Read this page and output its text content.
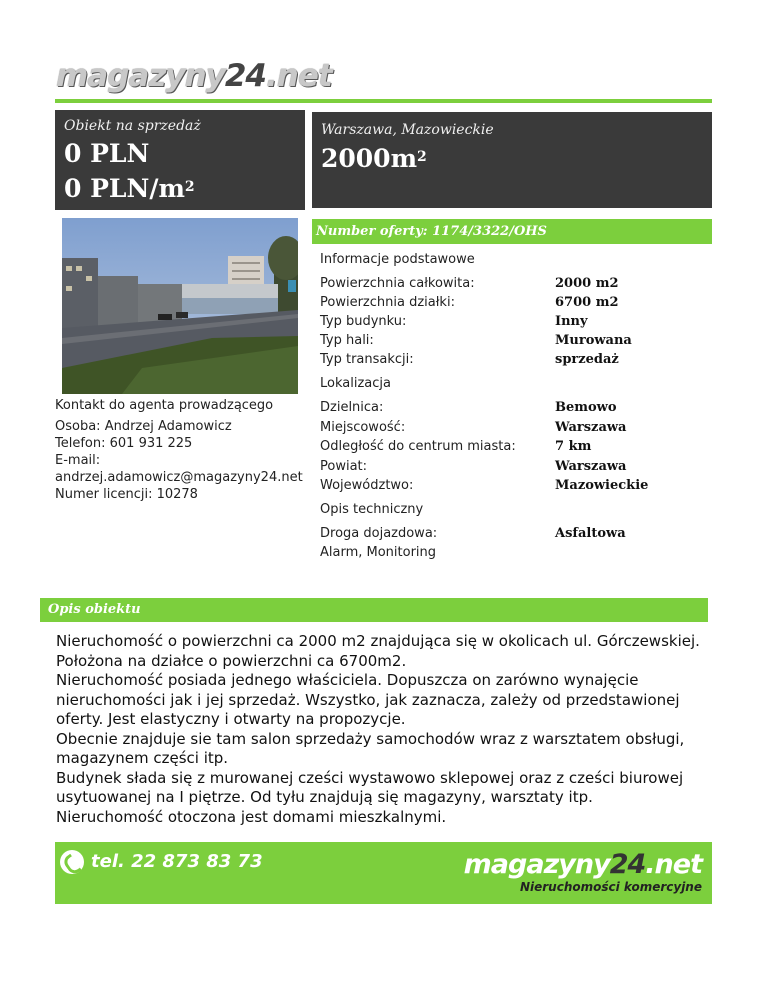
magazyny24.net
Obiekt na sprzedaż
0 PLN
0 PLN/$m^2$
Warszawa, Mazowieckie
$2000m^2$
Number oferty: 1174/3322/OHS
Kontakt do agenta prowadzącego
Osoba: Andrzej Adamowicz
Telefon: 601 931 225
E-mail:
andrzej.adamowicz@magazyny24.net
Numer licencji: 10278
Informacje podstawowe
Powierzchnia całkowita:	2000 m2
Powierzchnia działki:	6700 m2
Typ budynku:	Inny
Typ hali:	Murowana
Typ transakcji:	sprzedaż
Lokalizacja
Dzielnica:	Bemowo
Miejscowość:	Warszawa
Odległość do centrum miasta:	7 km
Powiat:	Warszawa
Województwo:	Mazowieckie
Opis techniczny
Droga dojazdowa:	Asfaltowa
Alarm, Monitoring
Opis obiektu

Nieruchomość o powierzchni ca 2000 m2 znajdująca się w okolicach ul. Górczewskiej.

Położona na działce o powierzchni ca 6700m2.

Nieruchomość posiada jednego właściciela. Dopuszcza on zarówno wynajęcie

nieruchomości jak i jej sprzedaż. Wszystko, jak zaznacza, zależy od przedstawionej

oferty. Jest elastyczny i otwarty na propozycje.

Obecnie znajduje sie tam salon sprzedaży samochodów wraz z warsztatem obsługi,

magazynem części itp.

Budynek słada się z murowanej cześci wystawowo sklepowej oraz z cześci biurowej

usytuowanej na I piętrze. Od tyłu znajdują się magazyny, warsztaty itp.

Nieruchomość otoczona jest domami mieszkalnymi.

tel. 22 873 83 73	magazyny24.net
Nieruchomości komercyjne
